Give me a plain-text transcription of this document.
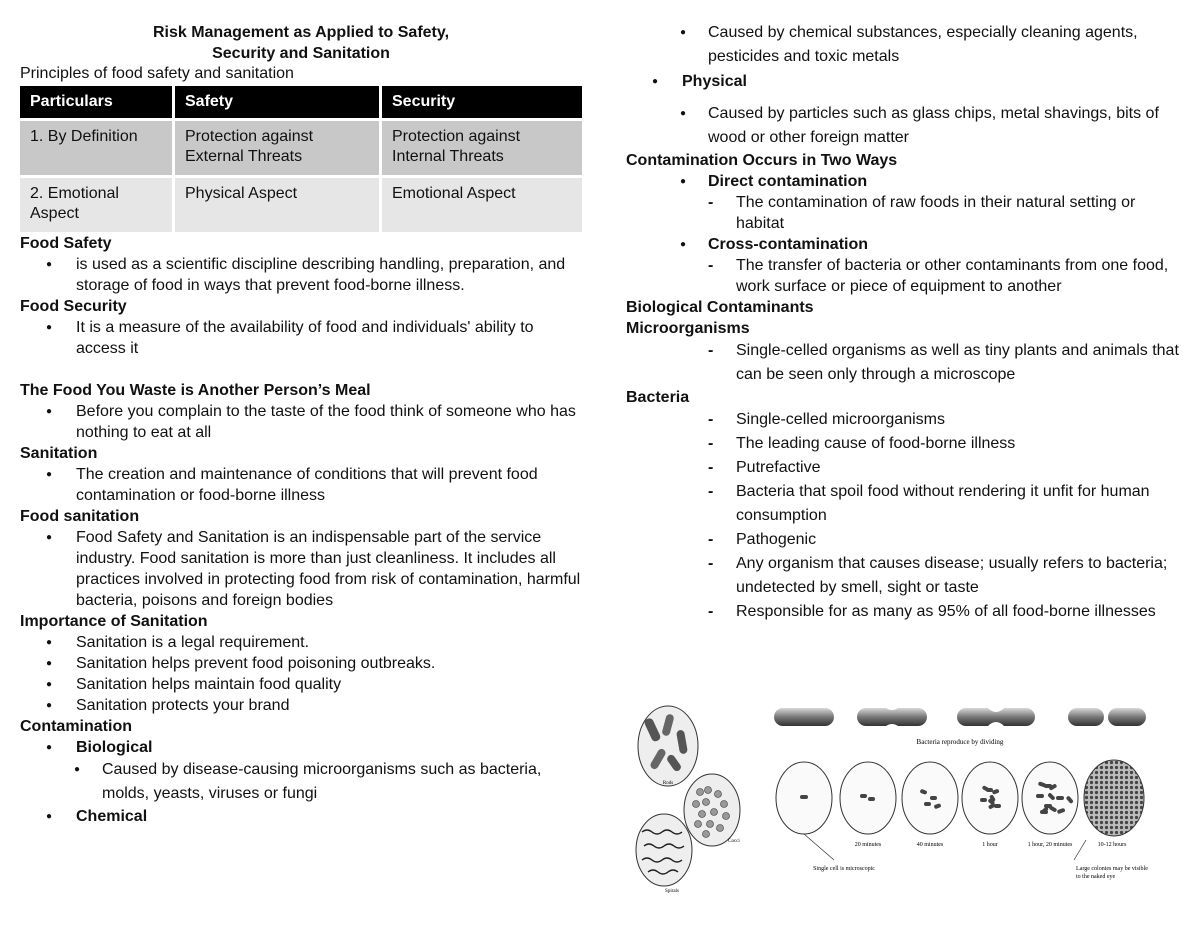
Risk Management as Applied to Safety,
Security and Sanitation
Principles of food safety and sanitation
Particulars	Safety	Security
1. By Definition	Protection against External Threats	Protection against Internal Threats
2. Emotional Aspect	Physical Aspect	Emotional Aspect
Food Safety
● is used as a scientific discipline describing handling, preparation, and storage of food in ways that prevent food-borne illness.
Food Security
● It is a measure of the availability of food and individuals' ability to access it
The Food You Waste is Another Person’s Meal
● Before you complain to the taste of the food think of someone who has nothing to eat at all
Sanitation
● The creation and maintenance of conditions that will prevent food contamination or food-borne illness
Food sanitation
● Food Safety and Sanitation is an indispensable part of the service industry. Food sanitation is more than just cleanliness. It includes all practices involved in protecting food from risk of contamination, harmful bacteria, poisons and foreign bodies
Importance of Sanitation
● Sanitation is a legal requirement.
● Sanitation helps prevent food poisoning outbreaks.
● Sanitation helps maintain food quality
● Sanitation protects your brand
Contamination
● Biological
● Caused by disease-causing microorganisms such as bacteria, molds, yeasts, viruses or fungi
● Chemical
● Caused by chemical substances, especially cleaning agents, pesticides and toxic metals
● Physical
● Caused by particles such as glass chips, metal shavings, bits of wood or other foreign matter
Contamination Occurs in Two Ways
● Direct contamination
- The contamination of raw foods in their natural setting or habitat
● Cross-contamination
- The transfer of bacteria or other contaminants from one food, work surface or piece of equipment to another
Biological Contaminants
Microorganisms
- Single-celled organisms as well as tiny plants and animals that can be seen only through a microscope
Bacteria
- Single-celled microorganisms
- The leading cause of food-borne illness
- Putrefactive
- Bacteria that spoil food without rendering it unfit for human consumption
- Pathogenic
- Any organism that causes disease; usually refers to bacteria; undetected by smell, sight or taste
- Responsible for as many as 95% of all food-borne illnesses
Rods
Cocci
Spirals
Bacteria reproduce by dividing
20 minutes	40 minutes	1 hour	1 hour, 20 minutes	10-12 hours
Single cell is microscopic	Large colonies may be visible
to the naked eye
